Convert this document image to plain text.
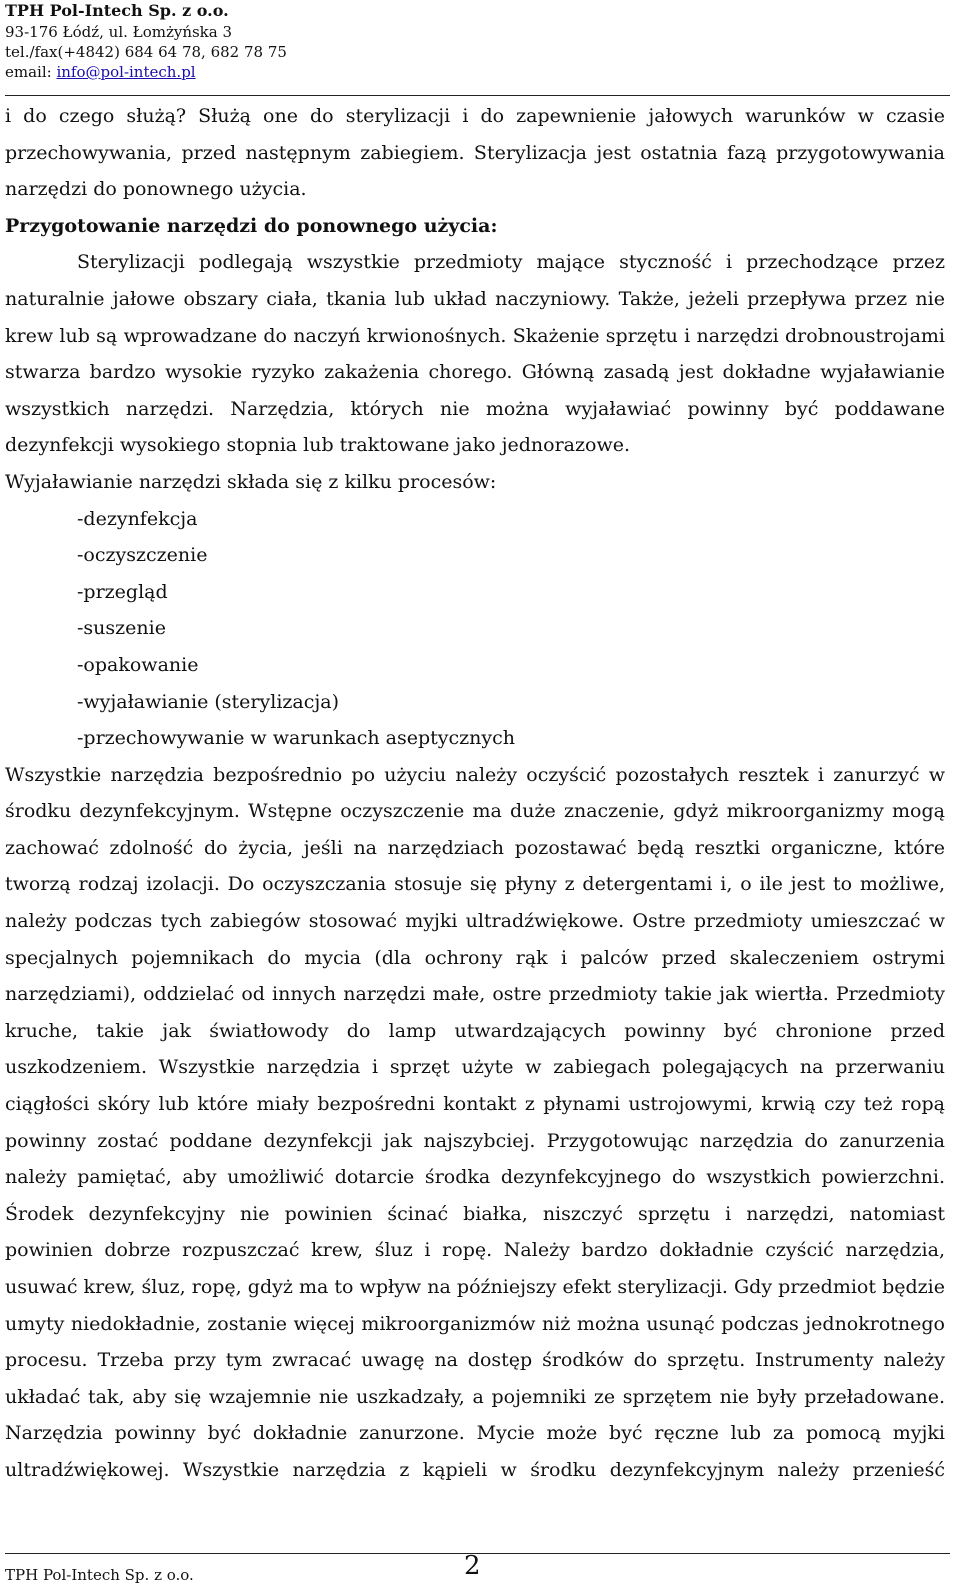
TPH Pol-Intech Sp. z o.o.
93-176 Łódź, ul. Łomżyńska 3
tel./fax(+4842) 684 64 78, 682 78 75
email: info@pol-intech.pl

i do czego służą? Służą one do sterylizacji i do zapewnienie jałowych warunków w czasie przechowywania, przed następnym zabiegiem. Sterylizacja jest ostatnia fazą przygotowywania narzędzi do ponownego użycia.

Przygotowanie narzędzi do ponownego użycia:

Sterylizacji podlegają wszystkie przedmioty mające styczność i przechodzące przez naturalnie jałowe obszary ciała, tkania lub układ naczyniowy. Także, jeżeli przepływa przez nie krew lub są wprowadzane do naczyń krwionośnych. Skażenie sprzętu i narzędzi drobnoustrojami stwarza bardzo wysokie ryzyko zakażenia chorego. Główną zasadą jest dokładne wyjaławianie wszystkich narzędzi. Narzędzia, których nie można wyjaławiać powinny być poddawane dezynfekcji wysokiego stopnia lub traktowane jako jednorazowe.

Wyjaławianie narzędzi składa się z kilku procesów:

-dezynfekcja
-oczyszczenie
-przegląd
-suszenie
-opakowanie
-wyjaławianie (sterylizacja)
-przechowywanie w warunkach aseptycznych

Wszystkie narzędzia bezpośrednio po użyciu należy oczyścić pozostałych resztek i zanurzyć w środku dezynfekcyjnym. Wstępne oczyszczenie ma duże znaczenie, gdyż mikroorganizmy mogą zachować zdolność do życia, jeśli na narzędziach pozostawać będą resztki organiczne, które tworzą rodzaj izolacji. Do oczyszczania stosuje się płyny z detergentami i, o ile jest to możliwe, należy podczas tych zabiegów stosować myjki ultradźwiękowe. Ostre przedmioty umieszczać w specjalnych pojemnikach do mycia (dla ochrony rąk i palców przed skaleczeniem ostrymi narzędziami), oddzielać od innych narzędzi małe, ostre przedmioty takie jak wiertła. Przedmioty kruche, takie jak światłowody do lamp utwardzających powinny być chronione przed uszkodzeniem. Wszystkie narzędzia i sprzęt użyte w zabiegach polegających na przerwaniu ciągłości skóry lub które miały bezpośredni kontakt z płynami ustrojowymi, krwią czy też ropą powinny zostać poddane dezynfekcji jak najszybciej. Przygotowując narzędzia do zanurzenia należy pamiętać, aby umożliwić dotarcie środka dezynfekcyjnego do wszystkich powierzchni. Środek dezynfekcyjny nie powinien ścinać białka, niszczyć sprzętu i narzędzi, natomiast powinien dobrze rozpuszczać krew, śluz i ropę. Należy bardzo dokładnie czyścić narzędzia, usuwać krew, śluz, ropę, gdyż ma to wpływ na późniejszy efekt sterylizacji. Gdy przedmiot będzie umyty niedokładnie, zostanie więcej mikroorganizmów niż można usunąć podczas jednokrotnego procesu. Trzeba przy tym zwracać uwagę na dostęp środków do sprzętu. Instrumenty należy układać tak, aby się wzajemnie nie uszkadzały, a pojemniki ze sprzętem nie były przeładowane. Narzędzia powinny być dokładnie zanurzone. Mycie może być ręczne lub za pomocą myjki ultradźwiękowej. Wszystkie narzędzia z kąpieli w środku dezynfekcyjnym należy przenieść

TPH Pol-Intech Sp. z o.o.	2
